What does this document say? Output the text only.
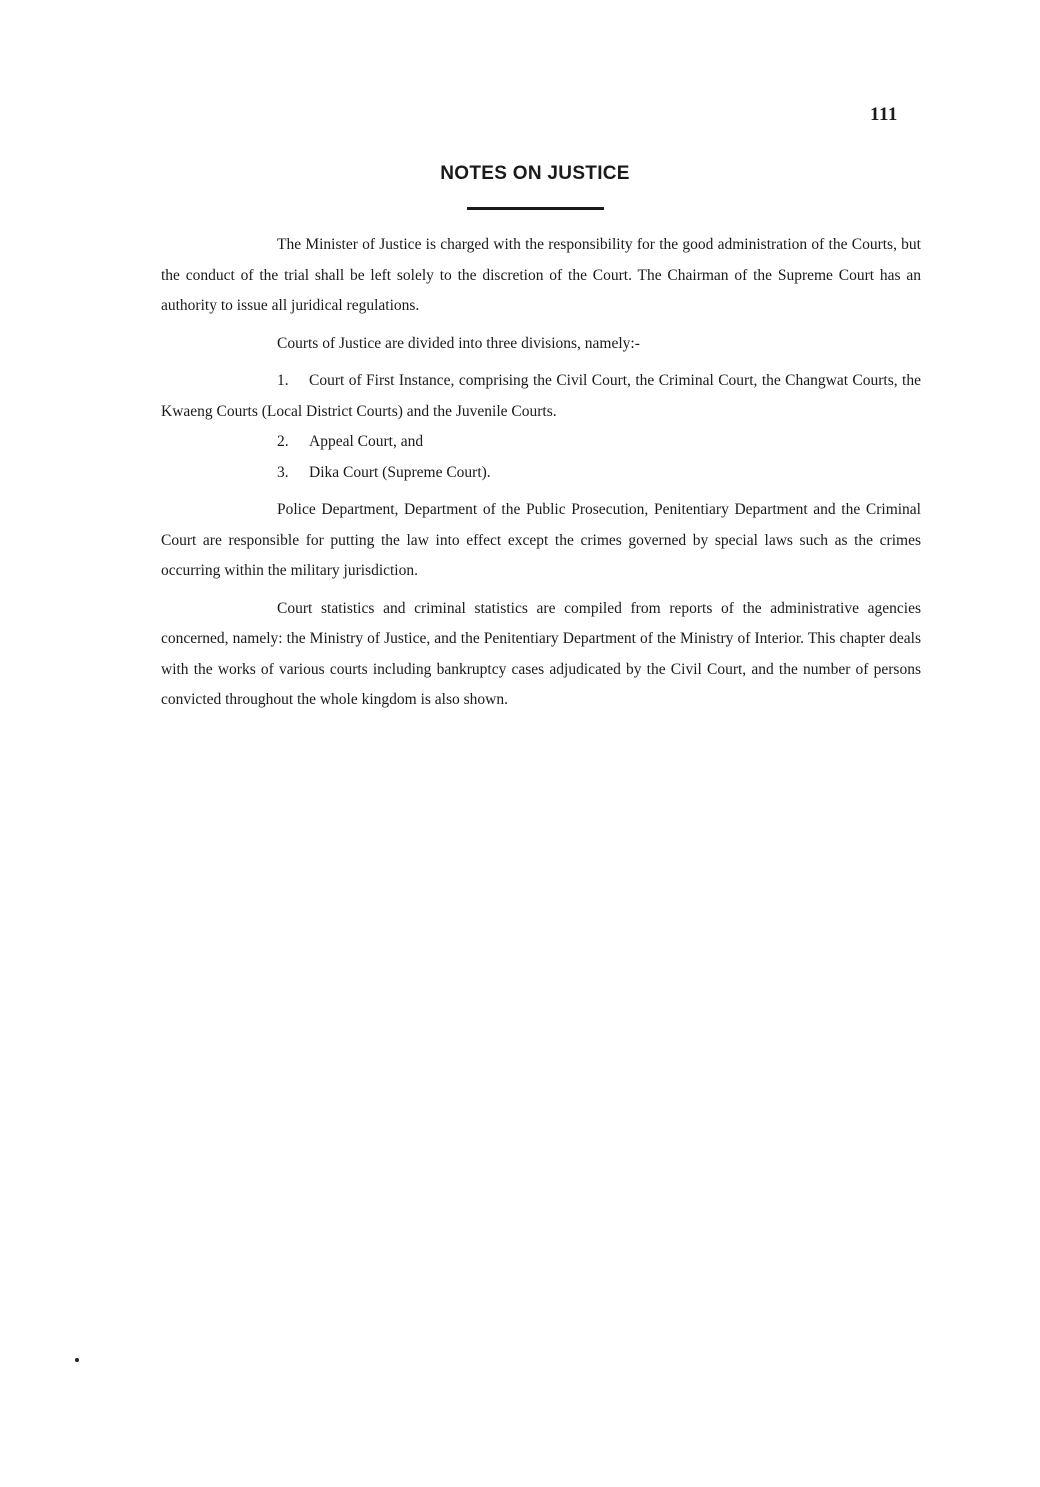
111
NOTES ON JUSTICE

The Minister of Justice is charged with the responsibility for the good administration of the Courts, but the conduct of the trial shall be left solely to the discretion of the Court. The Chairman of the Supreme Court has an authority to issue all juridical regulations.

Courts of Justice are divided into three divisions, namely:-

1. Court of First Instance, comprising the Civil Court, the Criminal Court, the Changwat Courts, the Kwaeng Courts (Local District Courts) and the Juvenile Courts.

2. Appeal Court, and

3. Dika Court (Supreme Court).

Police Department, Department of the Public Prosecution, Penitentiary Department and the Criminal Court are responsible for putting the law into effect except the crimes governed by special laws such as the crimes occurring within the military jurisdiction.

Court statistics and criminal statistics are compiled from reports of the administrative agencies concerned, namely: the Ministry of Justice, and the Penitentiary Department of the Ministry of Interior. This chapter deals with the works of various courts including bankruptcy cases adjudicated by the Civil Court, and the number of persons convicted throughout the whole kingdom is also shown.
